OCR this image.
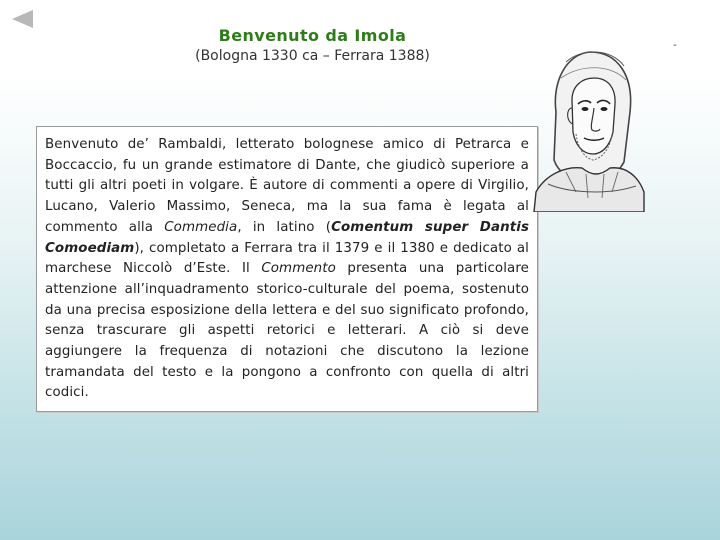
Benvenuto da Imola
(Bologna 1330 ca – Ferrara 1388)
-
Benvenuto de’ Rambaldi, letterato bolognese amico di Petrarca e Boccaccio, fu un grande estimatore di Dante, che giudicò superiore a tutti gli altri poeti in volgare. È autore di commenti a opere di Virgilio, Lucano, Valerio Massimo, Seneca, ma la sua fama è legata al commento alla Commedia, in latino (Comentum super Dantis Comoediam), completato a Ferrara tra il 1379 e il 1380 e dedicato al marchese Niccolò d’Este. Il Commento presenta una particolare attenzione all’inquadramento storico-culturale del poema, sostenuto da una precisa esposizione della lettera e del suo significato profondo, senza trascurare gli aspetti retorici e letterari. A ciò si deve aggiungere la frequenza di notazioni che discutono la lezione tramandata del testo e la pongono a confronto con quella di altri codici.
